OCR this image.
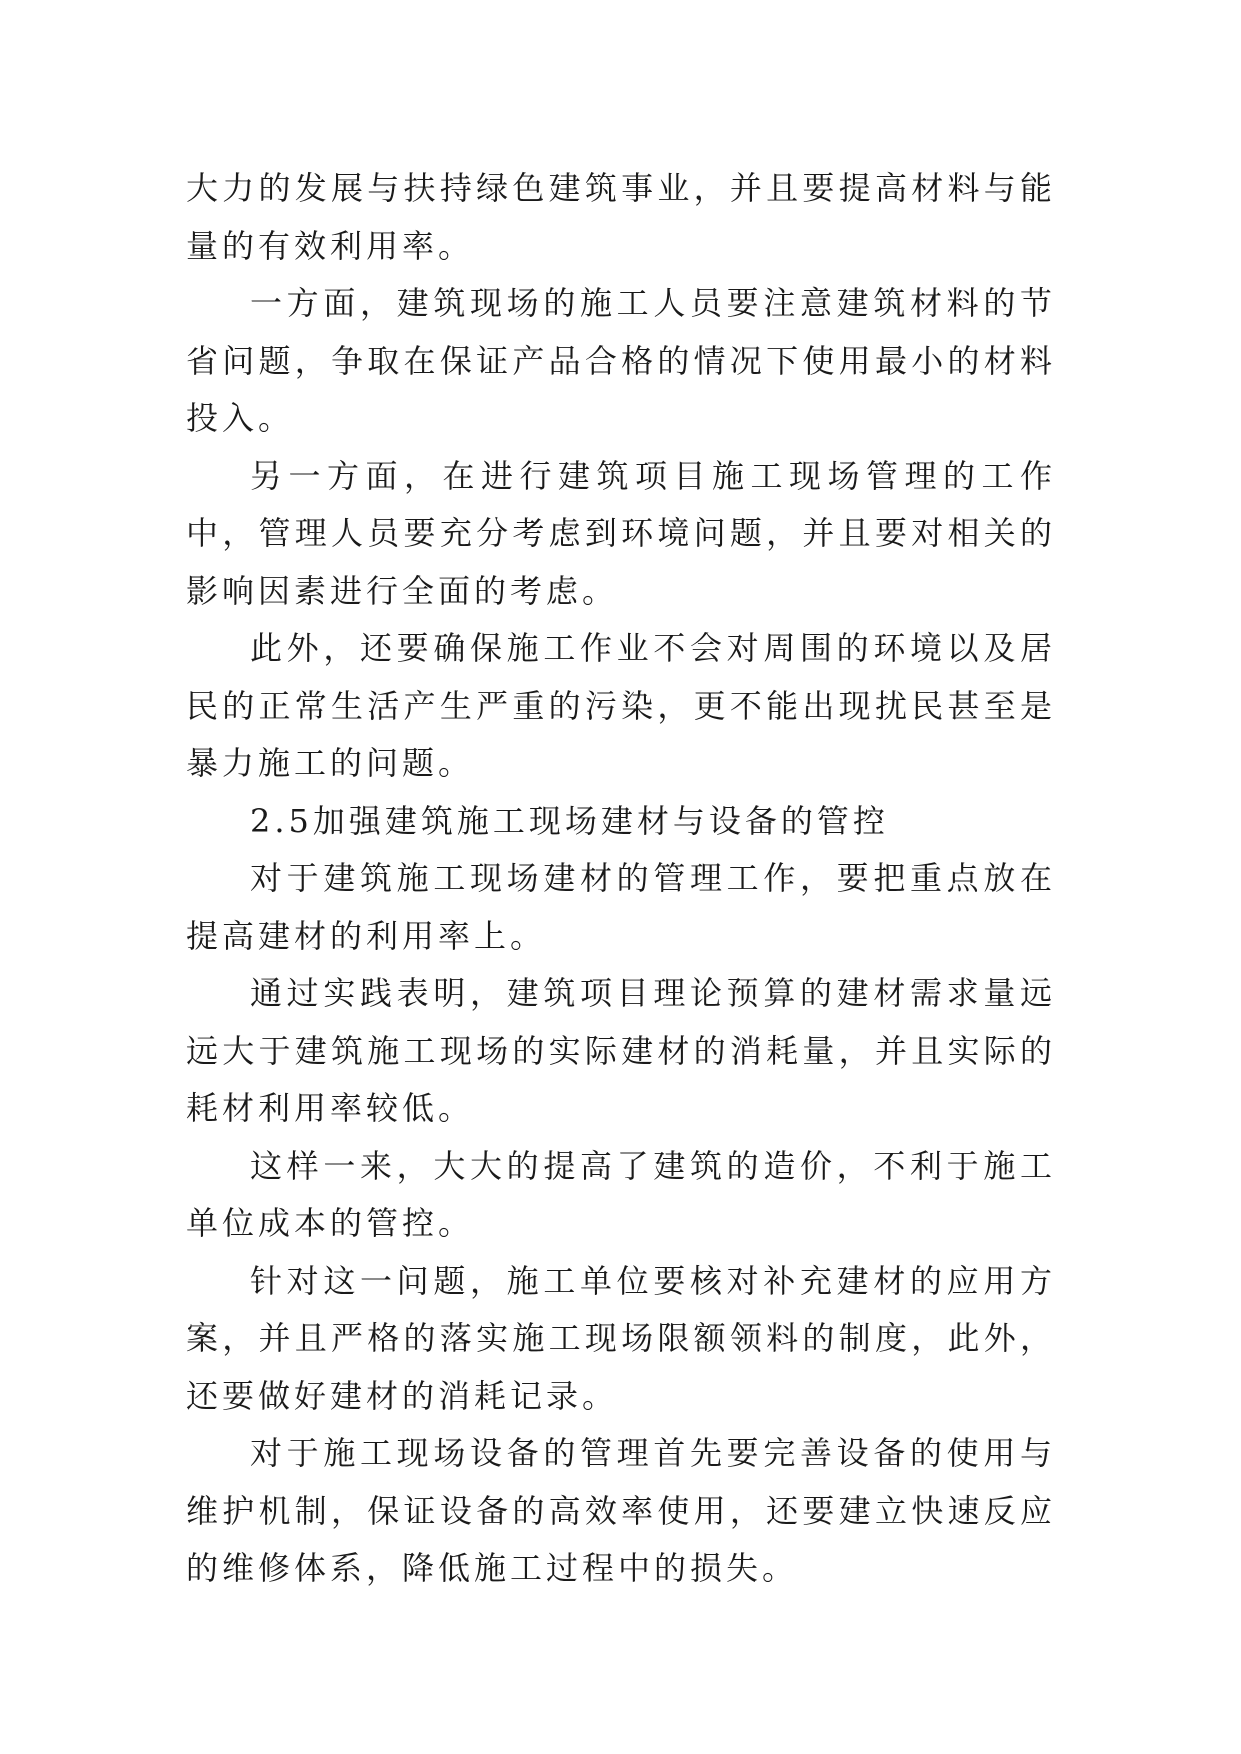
大力的发展与扶持绿色建筑事业，并且要提高材料与能量的有效利用率。

一方面，建筑现场的施工人员要注意建筑材料的节省问题，争取在保证产品合格的情况下使用最小的材料投入。

另一方面，在进行建筑项目施工现场管理的工作中，管理人员要充分考虑到环境问题，并且要对相关的影响因素进行全面的考虑。

此外，还要确保施工作业不会对周围的环境以及居民的正常生活产生严重的污染，更不能出现扰民甚至是暴力施工的问题。

2.5加强建筑施工现场建材与设备的管控

对于建筑施工现场建材的管理工作，要把重点放在提高建材的利用率上。

通过实践表明，建筑项目理论预算的建材需求量远远大于建筑施工现场的实际建材的消耗量，并且实际的耗材利用率较低。

这样一来，大大的提高了建筑的造价，不利于施工单位成本的管控。

针对这一问题，施工单位要核对补充建材的应用方案，并且严格的落实施工现场限额领料的制度，此外，还要做好建材的消耗记录。

对于施工现场设备的管理首先要完善设备的使用与维护机制，保证设备的高效率使用，还要建立快速反应的维修体系，降低施工过程中的损失。
